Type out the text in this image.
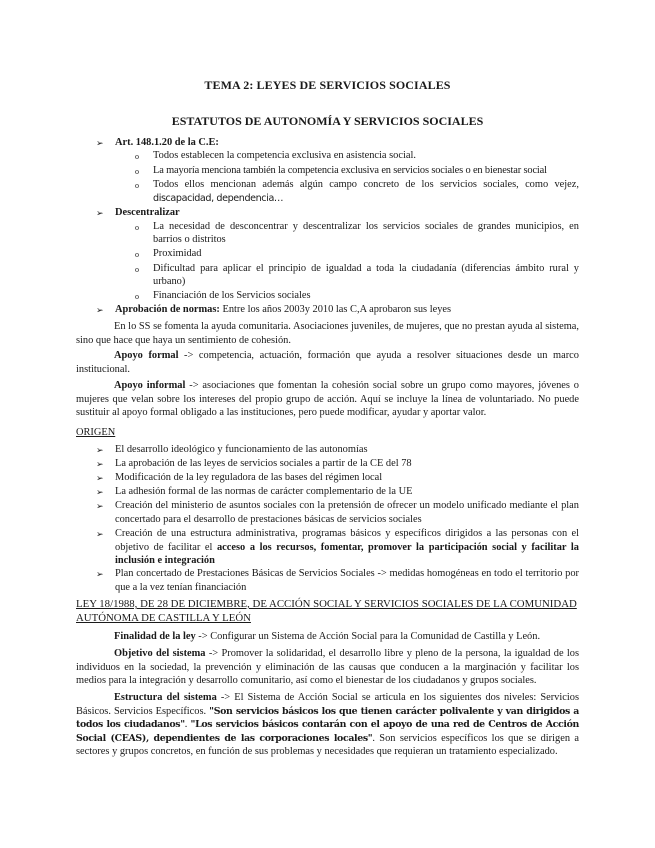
TEMA 2: LEYES DE SERVICIOS SOCIALES
ESTATUTOS DE AUTONOMÍA Y SERVICIOS SOCIALES
➢
Art. 148.1.20 de la C.E:
o
Todos establecen la competencia exclusiva en asistencia social.
o
La mayoría menciona también la competencia exclusiva en servicios sociales o en bienestar social
o
Todos ellos mencionan además algún campo concreto de los servicios sociales, como vejez,
discapacidad, dependencia…
➢
Descentralizar
o
La necesidad de desconcentrar y descentralizar los servicios sociales de grandes municipios, en
barrios o distritos
o
Proximidad
o
Dificultad para aplicar el principio de igualdad a toda la ciudadanía (diferencias ámbito rural y
urbano)
o
Financiación de los Servicios sociales
➢
Aprobación de normas: Entre los años 2003y 2010 las C,A aprobaron sus leyes

En lo SS se fomenta la ayuda comunitaria. Asociaciones juveniles, de mujeres, que no prestan ayuda al sistema, sino que hace que haya un sentimiento de cohesión.

Apoyo formal -> competencia, actuación, formación que ayuda a resolver situaciones desde un marco institucional.

Apoyo informal -> asociaciones que fomentan la cohesión social sobre un grupo como mayores, jóvenes o mujeres que velan sobre los intereses del propio grupo de acción. Aquí se incluye la línea de voluntariado. No puede sustituir al apoyo formal obligado a las instituciones, pero puede modificar, ayudar y aportar valor.

ORIGEN
➢
El desarrollo ideológico y funcionamiento de las autonomías
➢
La aprobación de las leyes de servicios sociales a partir de la CE del 78
➢
Modificación de la ley reguladora de las bases del régimen local
➢
La adhesión formal de las normas de carácter complementario de la UE
➢
Creación del ministerio de asuntos sociales con la pretensión de ofrecer un modelo unificado mediante el plan concertado para el desarrollo de prestaciones básicas de servicios sociales
➢
Creación de una estructura administrativa, programas básicos y específicos dirigidos a las personas con el objetivo de facilitar el acceso a los recursos, fomentar, promover la participación social y facilitar la inclusión e integración
➢
Plan concertado de Prestaciones Básicas de Servicios Sociales -> medidas homogéneas en todo el territorio por que a la vez tenían financiación
LEY 18/1988, DE 28 DE DICIEMBRE, DE ACCIÓN SOCIAL Y SERVICIOS SOCIALES DE LA COMUNIDAD AUTÓNOMA DE CASTILLA Y LEÓN

Finalidad de la ley -> Configurar un Sistema de Acción Social para la Comunidad de Castilla y León.

Objetivo del sistema -> Promover la solidaridad, el desarrollo libre y pleno de la persona, la igualdad de los individuos en la sociedad, la prevención y eliminación de las causas que conducen a la marginación y facilitar los medios para la integración y desarrollo comunitario, así como el bienestar de los ciudadanos y grupos sociales.

Estructura del sistema -> El Sistema de Acción Social se articula en los siguientes dos niveles: Servicios Básicos. Servicios Específicos. "Son servicios básicos los que tienen carácter polivalente y van dirigidos a todos los ciudadanos". "Los servicios básicos contarán con el apoyo de una red de Centros de Acción Social (CEAS), dependientes de las corporaciones locales". Son servicios específicos los que se dirigen a sectores y grupos concretos, en función de sus problemas y necesidades que requieran un tratamiento especializado.
